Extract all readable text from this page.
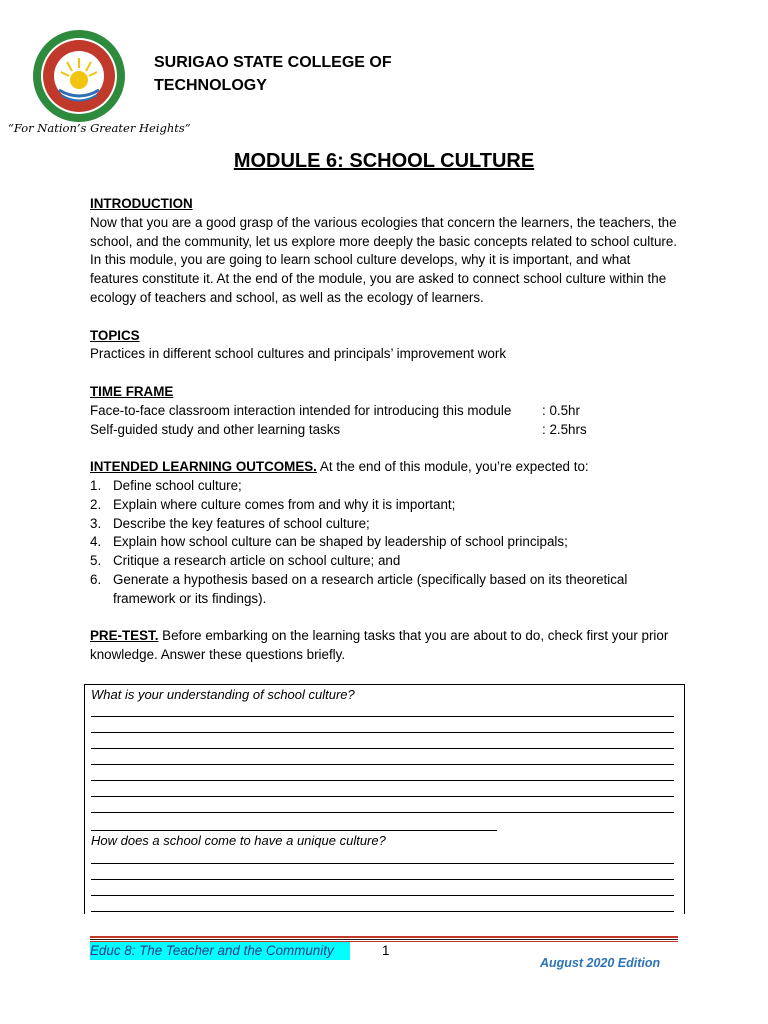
SURIGAO STATE COLLEGE OF
TECHNOLOGY
“For Nation’s Greater Heights”
MODULE 6: SCHOOL CULTURE
INTRODUCTION

Now that you are a good grasp of the various ecologies that concern the learners, the teachers, the school, and the community, let us explore more deeply the basic concepts related to school culture. In this module, you are going to learn school culture develops, why it is important, and what features constitute it. At the end of the module, you are asked to connect school culture within the ecology of teachers and school, as well as the ecology of learners.

TOPICS

Practices in different school cultures and principals’ improvement work

TIME FRAME
Face-to-face classroom interaction intended for introducing this module	: 0.5hr
Self-guided study and other learning tasks	: 2.5hrs

INTENDED LEARNING OUTCOMES. At the end of this module, you’re expected to:

1. Define school culture;
2. Explain where culture comes from and why it is important;
3. Describe the key features of school culture;
4. Explain how school culture can be shaped by leadership of school principals;
5. Critique a research article on school culture; and
6. Generate a hypothesis based on a research article (specifically based on its theoretical framework or its findings).

PRE-TEST. Before embarking on the learning tasks that you are about to do, check first your prior knowledge. Answer these questions briefly.

What is your understanding of school culture?
How does a school come to have a unique culture?
Educ 8: The Teacher and the Community	1
August 2020 Edition
